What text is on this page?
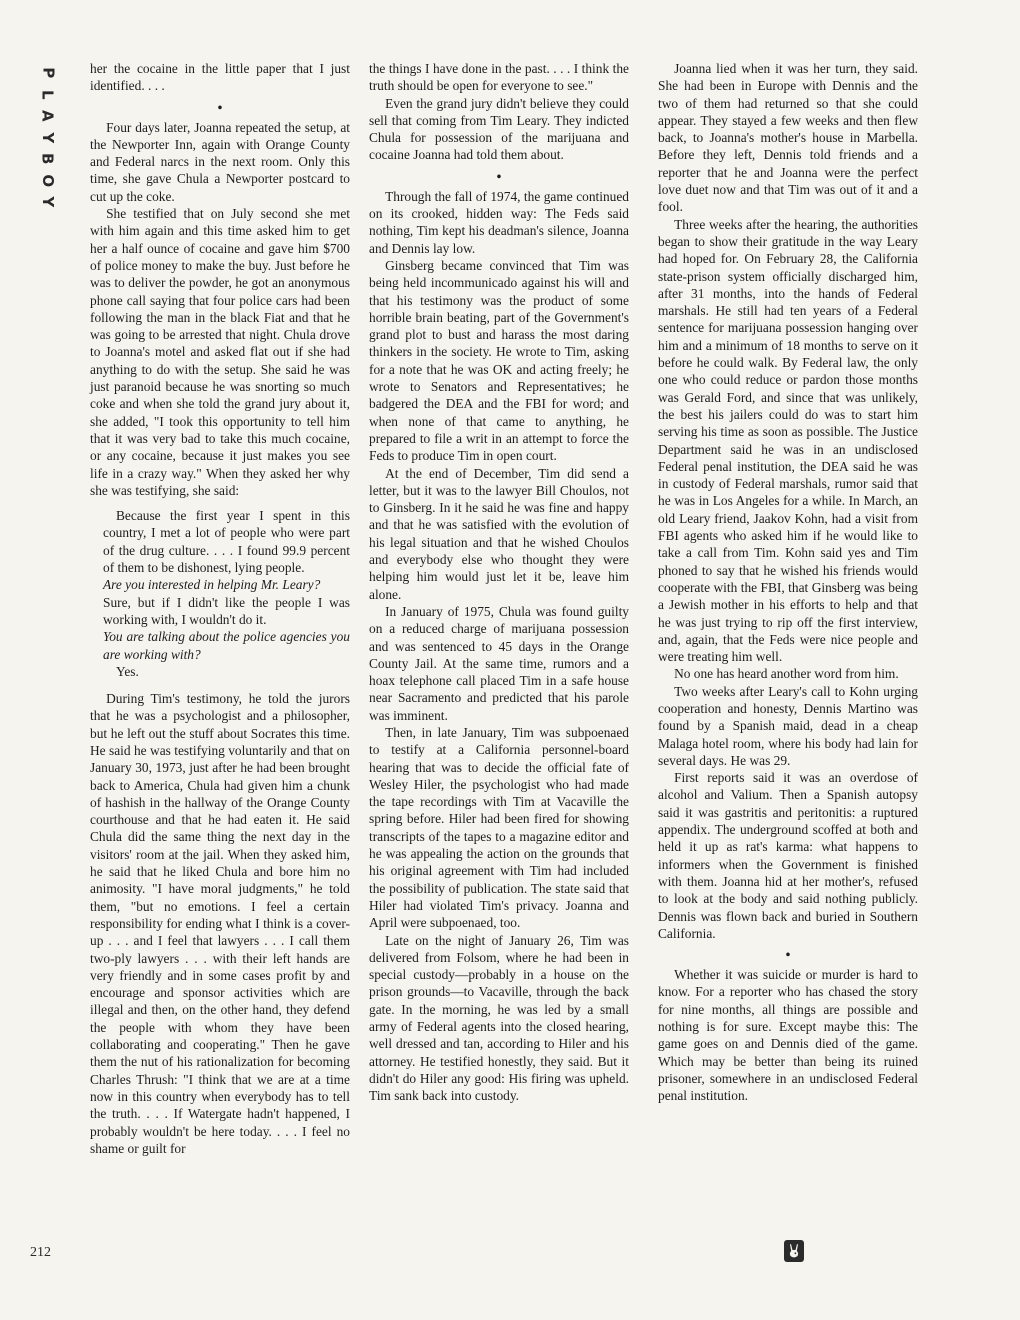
P
L
A
Y
B
O
Y
212

her the cocaine in the little paper that I just identified. . . .

•

Four days later, Joanna repeated the setup, at the Newporter Inn, again with Orange County and Federal narcs in the next room. Only this time, she gave Chula a Newporter postcard to cut up the coke.

She testified that on July second she met with him again and this time asked him to get her a half ounce of cocaine and gave him $700 of police money to make the buy. Just before he was to deliver the powder, he got an anonymous phone call saying that four police cars had been following the man in the black Fiat and that he was going to be arrested that night. Chula drove to Joanna's motel and asked flat out if she had anything to do with the setup. She said he was just paranoid because he was snorting so much coke and when she told the grand jury about it, she added, "I took this opportunity to tell him that it was very bad to take this much cocaine, or any cocaine, because it just makes you see life in a crazy way." When they asked her why she was testifying, she said:

Because the first year I spent in this country, I met a lot of people who were part of the drug culture. . . . I found 99.9 percent of them to be dishonest, lying people.

Are you interested in helping Mr. Leary?

Sure, but if I didn't like the people I was working with, I wouldn't do it.

You are talking about the police agencies you are working with?

Yes.

During Tim's testimony, he told the jurors that he was a psychologist and a philosopher, but he left out the stuff about Socrates this time. He said he was testifying voluntarily and that on January 30, 1973, just after he had been brought back to America, Chula had given him a chunk of hashish in the hallway of the Orange County courthouse and that he had eaten it. He said Chula did the same thing the next day in the visitors' room at the jail. When they asked him, he said that he liked Chula and bore him no animosity. "I have moral judgments," he told them, "but no emotions. I feel a certain responsibility for ending what I think is a cover-up . . . and I feel that lawyers . . . I call them two-ply lawyers . . . with their left hands are very friendly and in some cases profit by and encourage and sponsor activities which are illegal and then, on the other hand, they defend the people with whom they have been collaborating and cooperating." Then he gave them the nut of his rationalization for becoming Charles Thrush: "I think that we are at a time now in this country when everybody has to tell the truth. . . . If Watergate hadn't happened, I probably wouldn't be here today. . . . I feel no shame or guilt for

the things I have done in the past. . . . I think the truth should be open for everyone to see."

Even the grand jury didn't believe they could sell that coming from Tim Leary. They indicted Chula for possession of the marijuana and cocaine Joanna had told them about.

•

Through the fall of 1974, the game continued on its crooked, hidden way: The Feds said nothing, Tim kept his deadman's silence, Joanna and Dennis lay low.

Ginsberg became convinced that Tim was being held incommunicado against his will and that his testimony was the product of some horrible brain beating, part of the Government's grand plot to bust and harass the most daring thinkers in the society. He wrote to Tim, asking for a note that he was OK and acting freely; he wrote to Senators and Representatives; he badgered the DEA and the FBI for word; and when none of that came to anything, he prepared to file a writ in an attempt to force the Feds to produce Tim in open court.

At the end of December, Tim did send a letter, but it was to the lawyer Bill Choulos, not to Ginsberg. In it he said he was fine and happy and that he was satisfied with the evolution of his legal situation and that he wished Choulos and everybody else who thought they were helping him would just let it be, leave him alone.

In January of 1975, Chula was found guilty on a reduced charge of marijuana possession and was sentenced to 45 days in the Orange County Jail. At the same time, rumors and a hoax telephone call placed Tim in a safe house near Sacramento and predicted that his parole was imminent.

Then, in late January, Tim was subpoenaed to testify at a California personnel-board hearing that was to decide the official fate of Wesley Hiler, the psychologist who had made the tape recordings with Tim at Vacaville the spring before. Hiler had been fired for showing transcripts of the tapes to a magazine editor and he was appealing the action on the grounds that his original agreement with Tim had included the possibility of publication. The state said that Hiler had violated Tim's privacy. Joanna and April were subpoenaed, too.

Late on the night of January 26, Tim was delivered from Folsom, where he had been in special custody—probably in a house on the prison grounds—to Vacaville, through the back gate. In the morning, he was led by a small army of Federal agents into the closed hearing, well dressed and tan, according to Hiler and his attorney. He testified honestly, they said. But it didn't do Hiler any good: His firing was upheld. Tim sank back into custody.

Joanna lied when it was her turn, they said. She had been in Europe with Dennis and the two of them had returned so that she could appear. They stayed a few weeks and then flew back, to Joanna's mother's house in Marbella. Before they left, Dennis told friends and a reporter that he and Joanna were the perfect love duet now and that Tim was out of it and a fool.

Three weeks after the hearing, the authorities began to show their gratitude in the way Leary had hoped for. On February 28, the California state-prison system officially discharged him, after 31 months, into the hands of Federal marshals. He still had ten years of a Federal sentence for marijuana possession hanging over him and a minimum of 18 months to serve on it before he could walk. By Federal law, the only one who could reduce or pardon those months was Gerald Ford, and since that was unlikely, the best his jailers could do was to start him serving his time as soon as possible. The Justice Department said he was in an undisclosed Federal penal institution, the DEA said he was in custody of Federal marshals, rumor said that he was in Los Angeles for a while. In March, an old Leary friend, Jaakov Kohn, had a visit from FBI agents who asked him if he would like to take a call from Tim. Kohn said yes and Tim phoned to say that he wished his friends would cooperate with the FBI, that Ginsberg was being a Jewish mother in his efforts to help and that he was just trying to rip off the first interview, and, again, that the Feds were nice people and were treating him well.

No one has heard another word from him.

Two weeks after Leary's call to Kohn urging cooperation and honesty, Dennis Martino was found by a Spanish maid, dead in a cheap Malaga hotel room, where his body had lain for several days. He was 29.

First reports said it was an overdose of alcohol and Valium. Then a Spanish autopsy said it was gastritis and peritonitis: a ruptured appendix. The underground scoffed at both and held it up as rat's karma: what happens to informers when the Government is finished with them. Joanna hid at her mother's, refused to look at the body and said nothing publicly. Dennis was flown back and buried in Southern California.

•

Whether it was suicide or murder is hard to know. For a reporter who has chased the story for nine months, all things are possible and nothing is for sure. Except maybe this: The game goes on and Dennis died of the game. Which may be better than being its ruined prisoner, somewhere in an undisclosed Federal penal institution.
